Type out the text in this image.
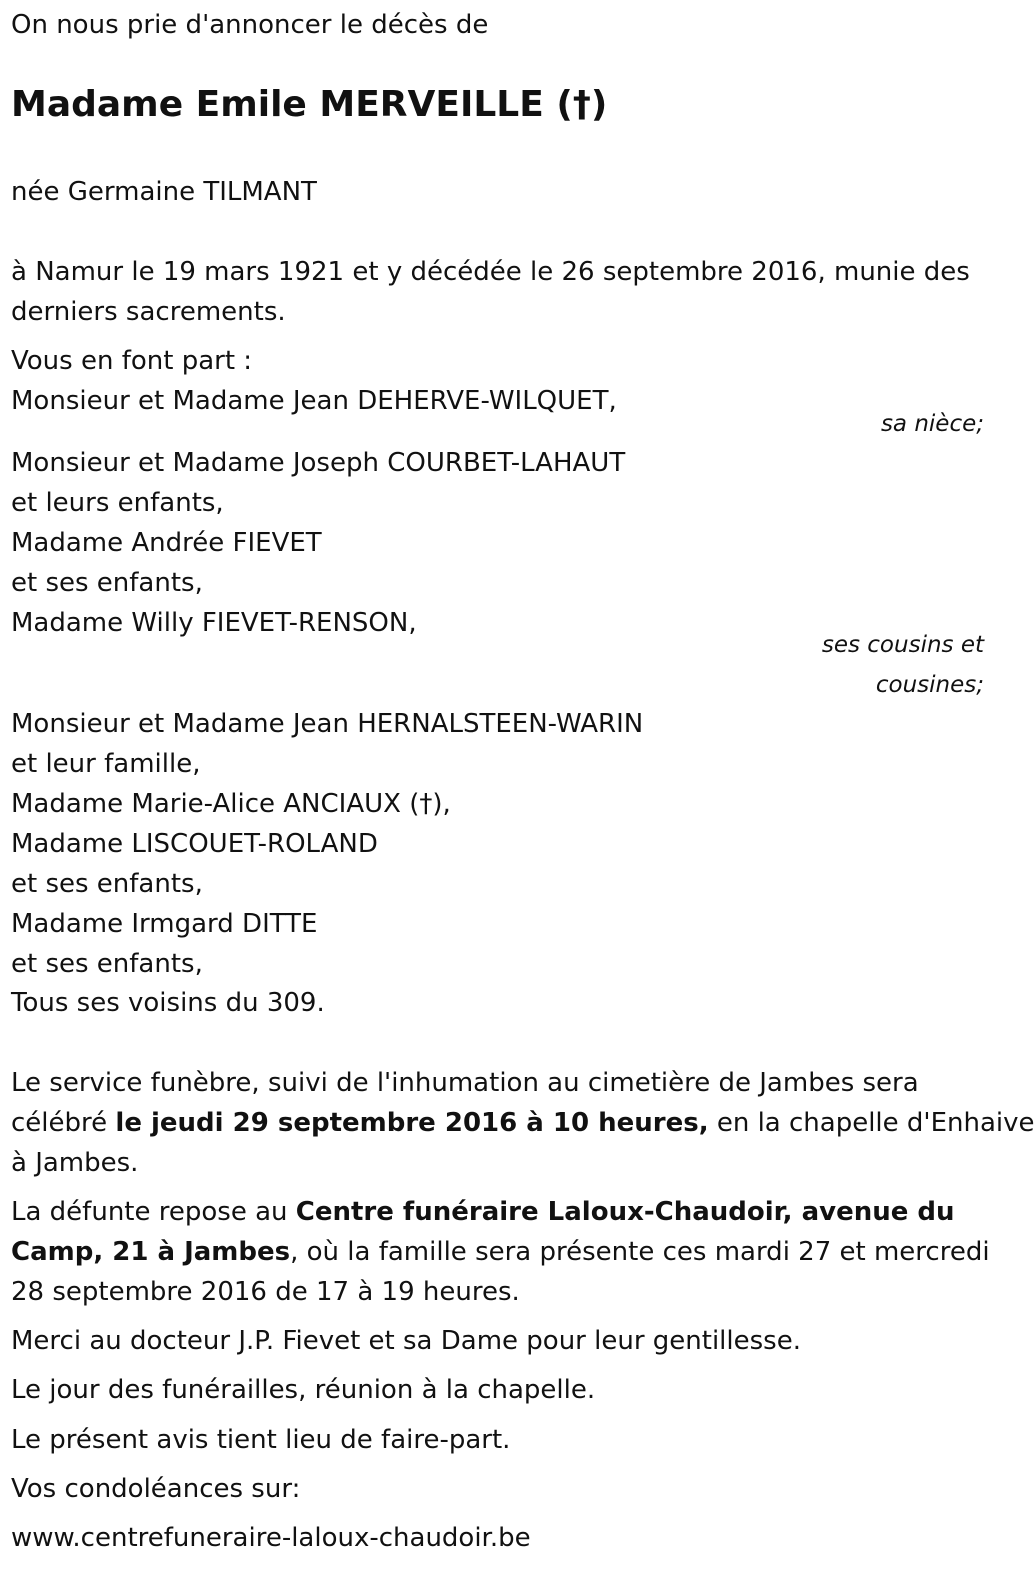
On nous prie d'annoncer le décès de
Madame Emile MERVEILLE (†)
née Germaine TILMANT
à Namur le 19 mars 1921 et y décédée le 26 septembre 2016, munie des
derniers sacrements.
Vous en font part :
Monsieur et Madame Jean DEHERVE-WILQUET,
sa nièce;
Monsieur et Madame Joseph COURBET-LAHAUT
et leurs enfants,
Madame Andrée FIEVET
et ses enfants,
Madame Willy FIEVET-RENSON,
ses cousins et
cousines;
Monsieur et Madame Jean HERNALSTEEN-WARIN
et leur famille,
Madame Marie-Alice ANCIAUX (†),
Madame LISCOUET-ROLAND
et ses enfants,
Madame Irmgard DITTE
et ses enfants,
Tous ses voisins du 309.
Le service funèbre, suivi de l'inhumation au cimetière de Jambes sera
célébré le jeudi 29 septembre 2016 à 10 heures, en la chapelle d'Enhaive
à Jambes.
La défunte repose au Centre funéraire Laloux-Chaudoir, avenue du
Camp, 21 à Jambes, où la famille sera présente ces mardi 27 et mercredi
28 septembre 2016 de 17 à 19 heures.
Merci au docteur J.P. Fievet et sa Dame pour leur gentillesse.
Le jour des funérailles, réunion à la chapelle.
Le présent avis tient lieu de faire-part.
Vos condoléances sur:
www.centrefuneraire-laloux-chaudoir.be
